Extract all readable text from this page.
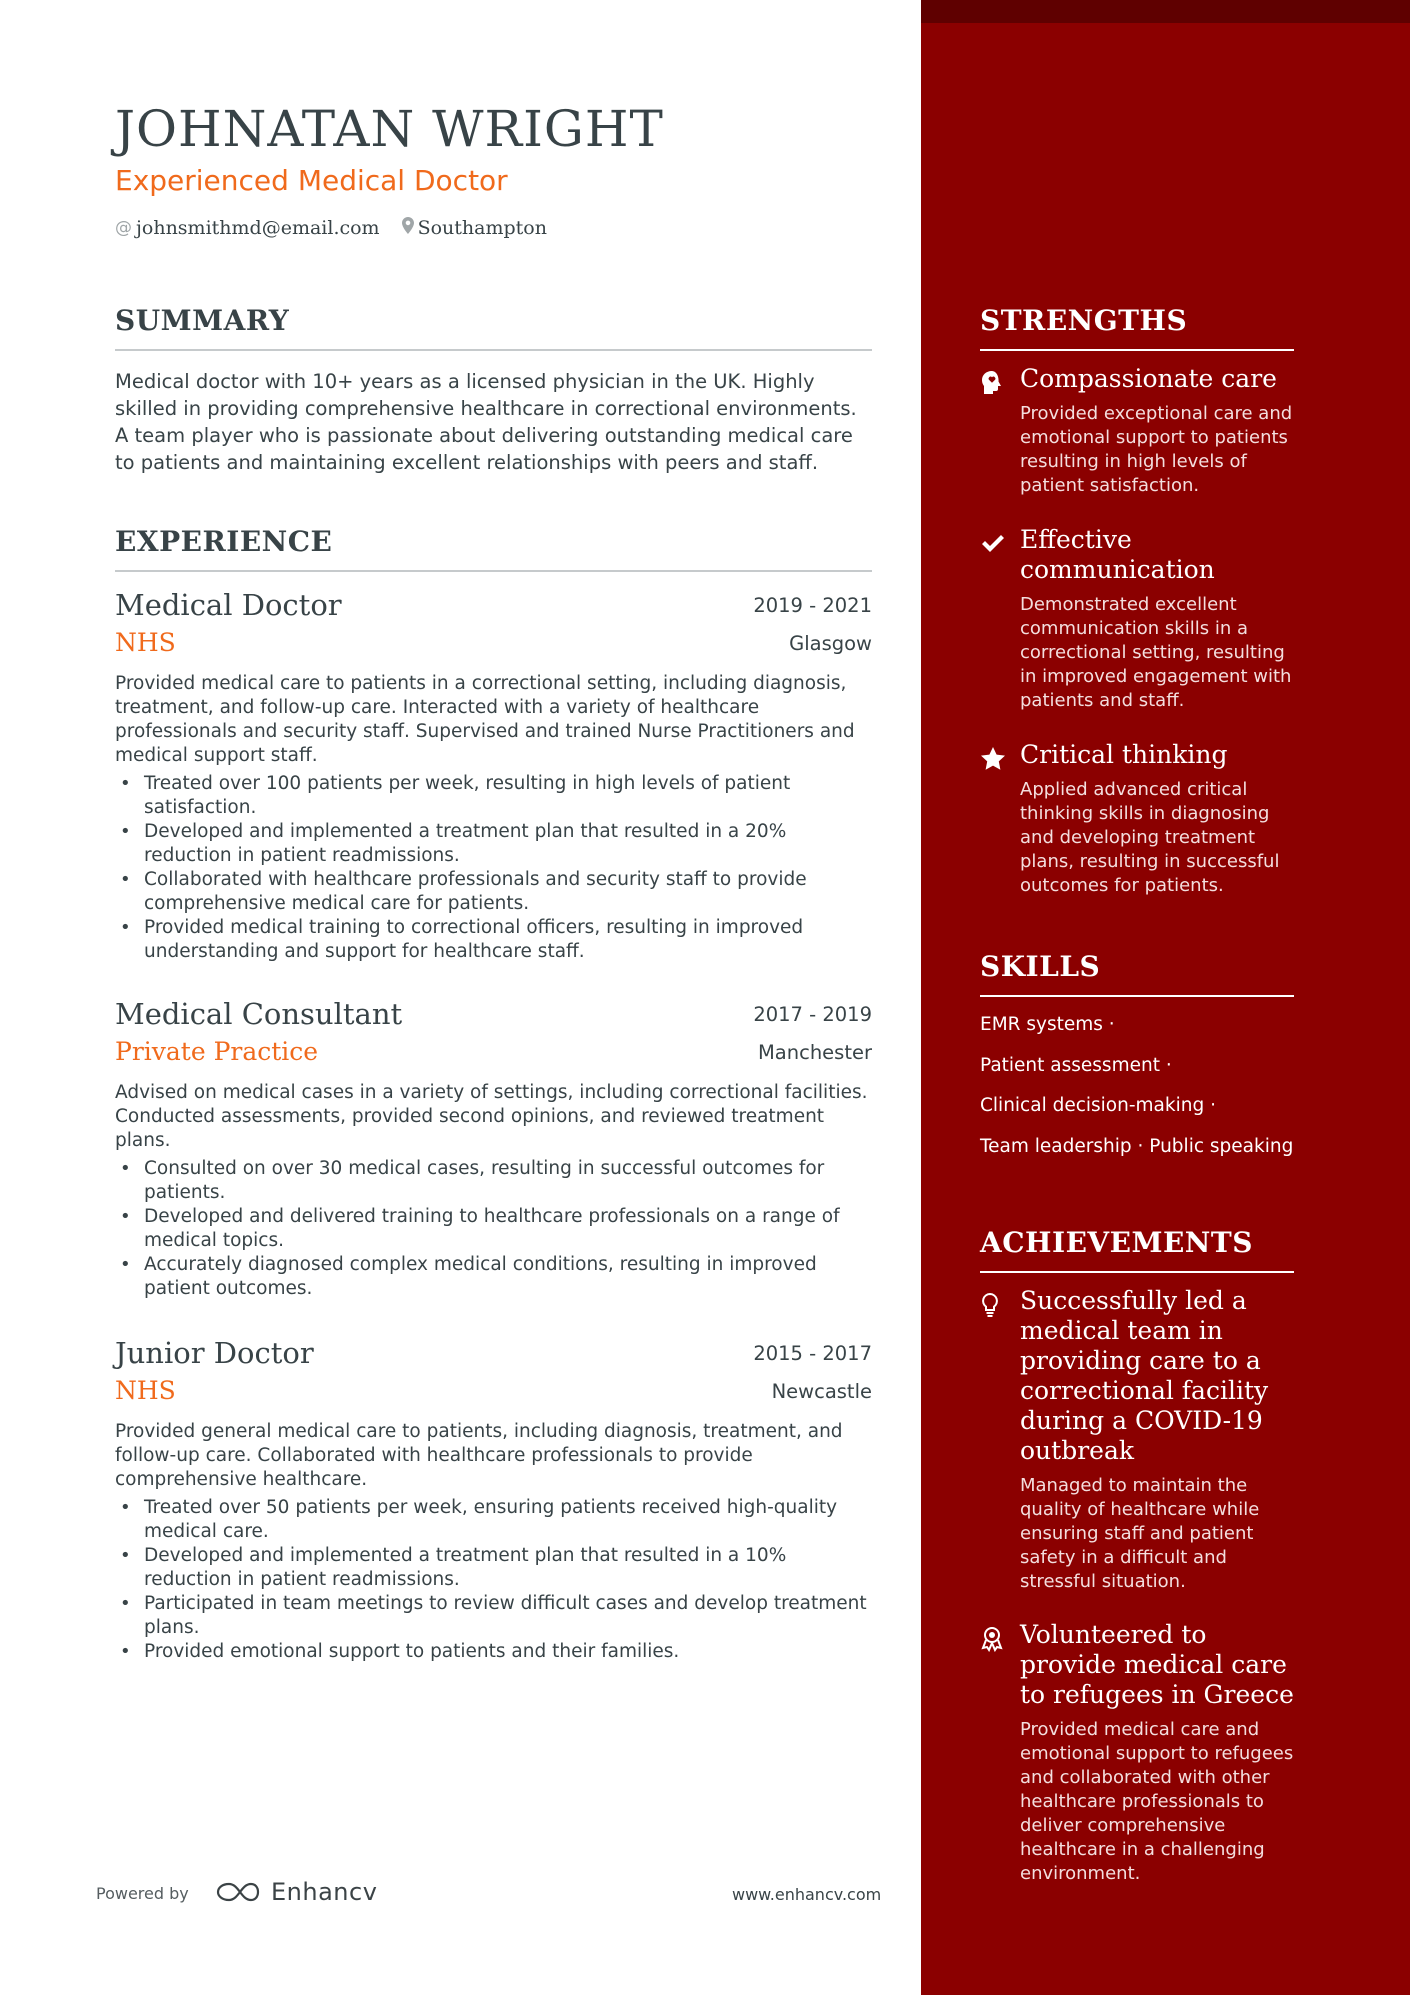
JOHNATAN WRIGHT
Experienced Medical Doctor
@ johnsmithmd@email.com Southampton
SUMMARY

Medical doctor with 10+ years as a licensed physician in the UK. Highly skilled in providing comprehensive healthcare in correctional environments. A team player who is passionate about delivering outstanding medical care to patients and maintaining excellent relationships with peers and staff.

EXPERIENCE
Medical Doctor	2019 - 2021
NHS	Glasgow

Provided medical care to patients in a correctional setting, including diagnosis, treatment, and follow-up care. Interacted with a variety of healthcare professionals and security staff. Supervised and trained Nurse Practitioners and medical support staff.

• Treated over 100 patients per week, resulting in high levels of patient satisfaction.
• Developed and implemented a treatment plan that resulted in a 20% reduction in patient readmissions.
• Collaborated with healthcare professionals and security staff to provide comprehensive medical care for patients.
• Provided medical training to correctional officers, resulting in improved understanding and support for healthcare staff.
Medical Consultant	2017 - 2019
Private Practice	Manchester

Advised on medical cases in a variety of settings, including correctional facilities. Conducted assessments, provided second opinions, and reviewed treatment plans.

• Consulted on over 30 medical cases, resulting in successful outcomes for patients.
• Developed and delivered training to healthcare professionals on a range of medical topics.
• Accurately diagnosed complex medical conditions, resulting in improved patient outcomes.
Junior Doctor	2015 - 2017
NHS	Newcastle

Provided general medical care to patients, including diagnosis, treatment, and follow-up care. Collaborated with healthcare professionals to provide comprehensive healthcare.

• Treated over 50 patients per week, ensuring patients received high-quality medical care.
• Developed and implemented a treatment plan that resulted in a 10% reduction in patient readmissions.
• Participated in team meetings to review difficult cases and develop treatment plans.
• Provided emotional support to patients and their families.
STRENGTHS
Compassionate care

Provided exceptional care and emotional support to patients resulting in high levels of patient satisfaction.

Effective communication

Demonstrated excellent communication skills in a correctional setting, resulting in improved engagement with patients and staff.

Critical thinking

Applied advanced critical thinking skills in diagnosing and developing treatment plans, resulting in successful outcomes for patients.

SKILLS
EMR systems ·
Patient assessment ·
Clinical decision-making ·
Team leadership · Public speaking
ACHIEVEMENTS
Successfully led a medical team in providing care to a correctional facility during a COVID-19 outbreak

Managed to maintain the quality of healthcare while ensuring staff and patient safety in a difficult and stressful situation.

Volunteered to provide medical care to refugees in Greece

Provided medical care and emotional support to refugees and collaborated with other healthcare professionals to deliver comprehensive healthcare in a challenging environment.

Powered by	Enhancv	www.enhancv.com
